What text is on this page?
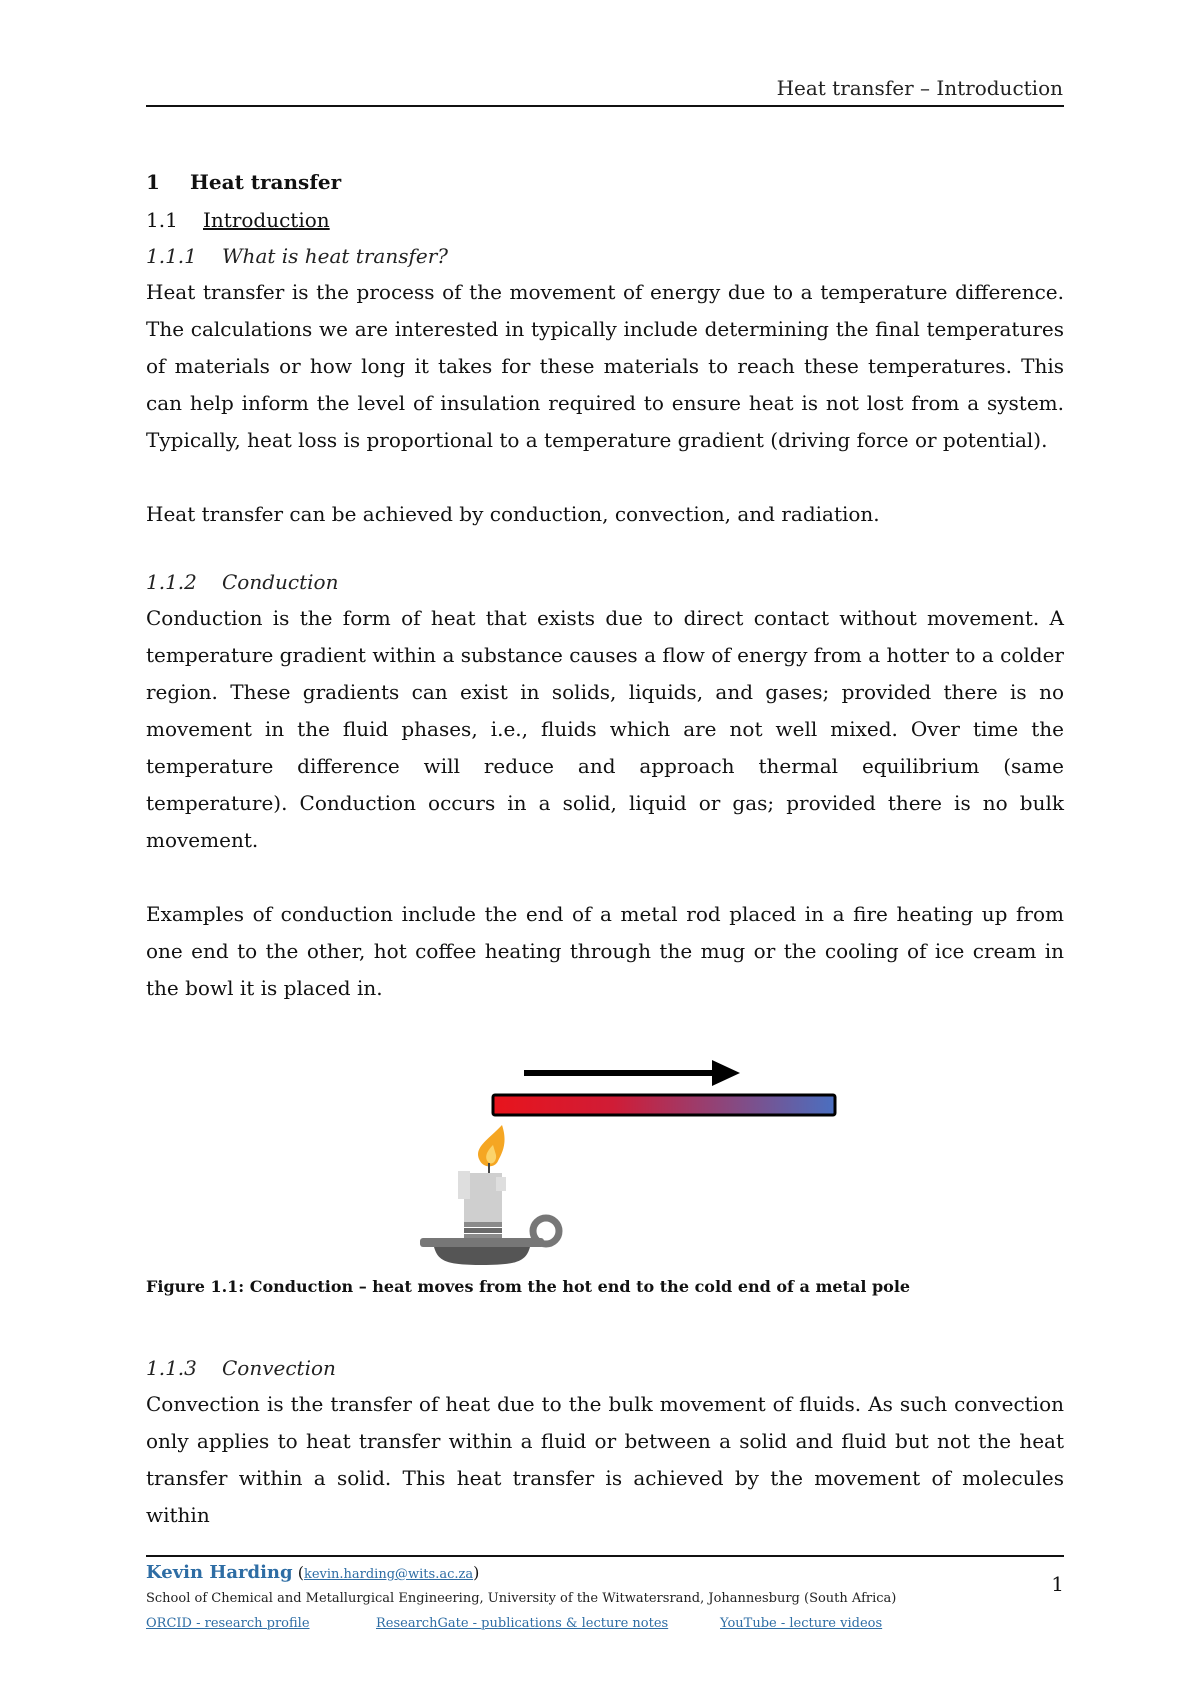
Heat transfer – Introduction
1	Heat transfer
1.1	Introduction
1.1.1	What is heat transfer?

Heat transfer is the process of the movement of energy due to a temperature difference. The calculations we are interested in typically include determining the final temperatures of materials or how long it takes for these materials to reach these temperatures. This can help inform the level of insulation required to ensure heat is not lost from a system. Typically, heat loss is proportional to a temperature gradient (driving force or potential).

Heat transfer can be achieved by conduction, convection, and radiation.

1.1.2	Conduction

Conduction is the form of heat that exists due to direct contact without movement. A temperature gradient within a substance causes a flow of energy from a hotter to a colder region. These gradients can exist in solids, liquids, and gases; provided there is no movement in the fluid phases, i.e., fluids which are not well mixed. Over time the temperature difference will reduce and approach thermal equilibrium (same temperature). Conduction occurs in a solid, liquid or gas; provided there is no bulk movement.

Examples of conduction include the end of a metal rod placed in a fire heating up from one end to the other, hot coffee heating through the mug or the cooling of ice cream in the bowl it is placed in.

Figure 1.1: Conduction – heat moves from the hot end to the cold end of a metal pole
1.1.3	Convection

Convection is the transfer of heat due to the bulk movement of fluids. As such convection only applies to heat transfer within a fluid or between a solid and fluid but not the heat transfer within a solid. This heat transfer is achieved by the movement of molecules within

Kevin Harding (kevin.harding@wits.ac.za)	1
School of Chemical and Metallurgical Engineering, University of the Witwatersrand, Johannesburg (South Africa)
ORCID - research profile	ResearchGate - publications & lecture notes	YouTube - lecture videos
